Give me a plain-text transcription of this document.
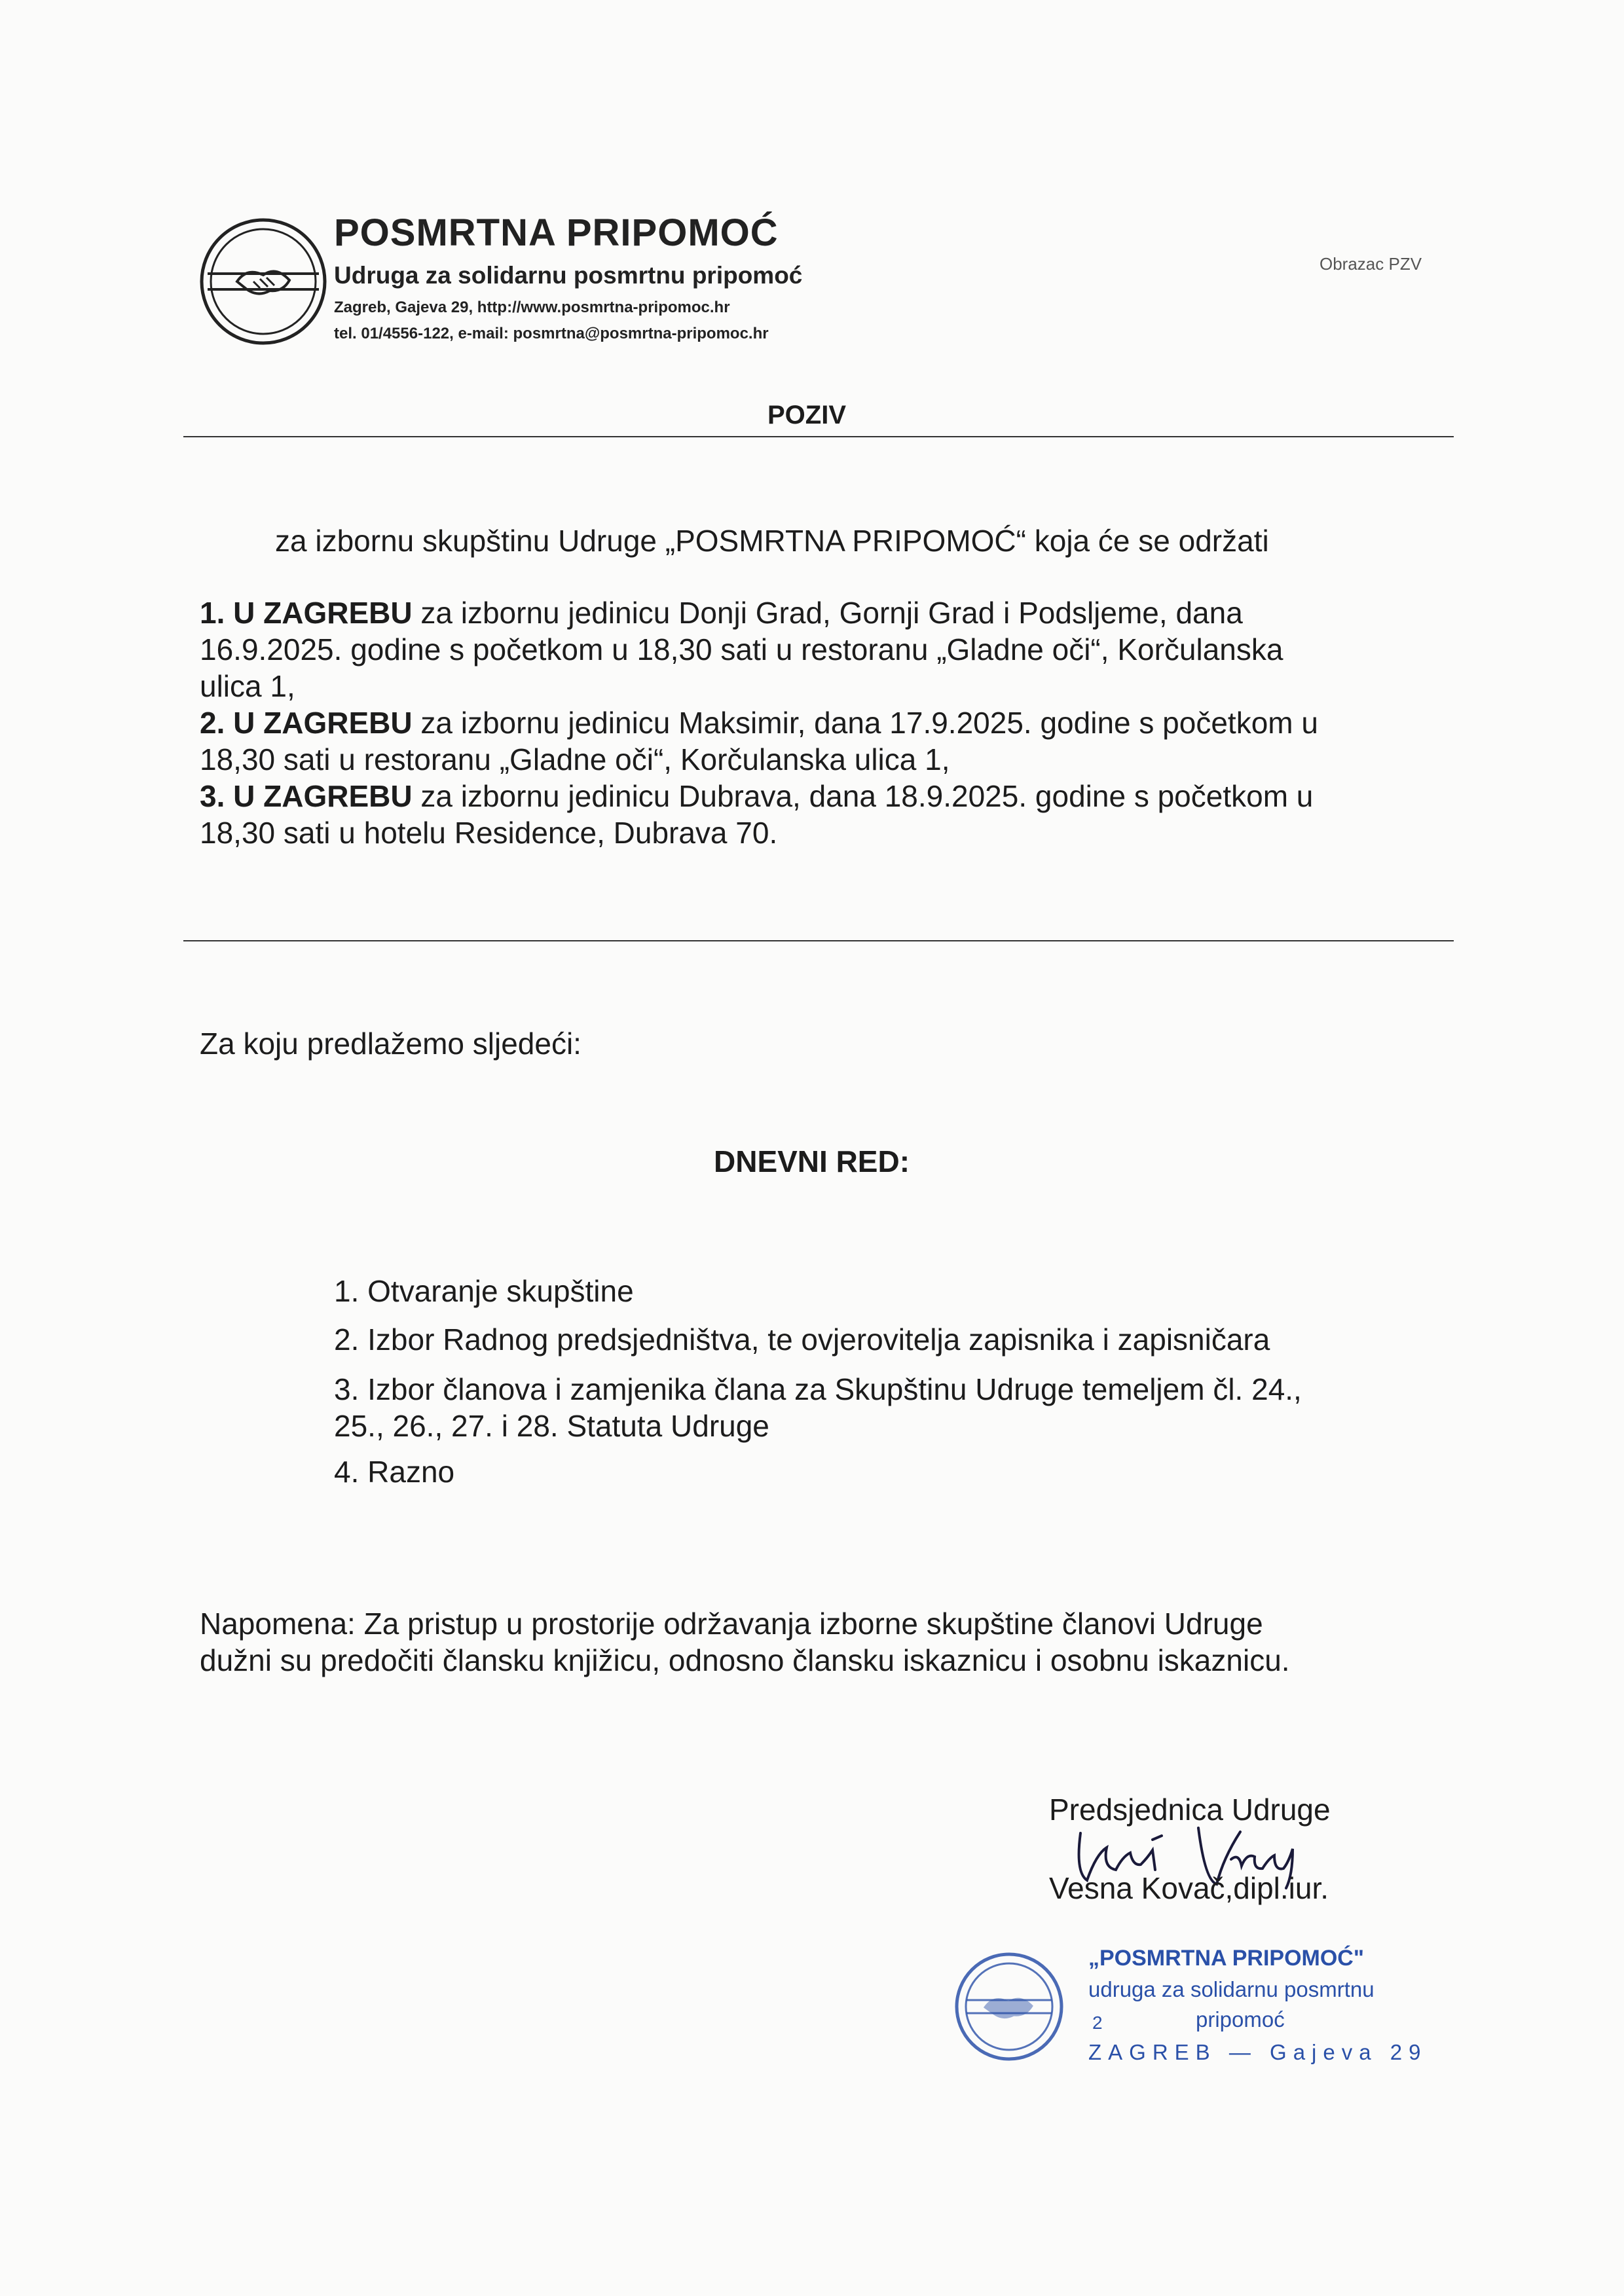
POSMRTNA PRIPOMOĆ
Udruga za solidarnu posmrtnu pripomoć
Zagreb, Gajeva 29, http://www.posmrtna-pripomoc.hr
tel. 01/4556-122, e-mail: posmrtna@posmrtna-pripomoc.hr
Obrazac PZV
POZIV
za izbornu skupštinu Udruge „POSMRTNA PRIPOMOĆ“ koja će se održati
1. U ZAGREBU za izbornu jedinicu Donji Grad, Gornji Grad i Podsljeme, dana
16.9.2025. godine s početkom u 18,30 sati u restoranu „Gladne oči“, Korčulanska
ulica 1,
2. U ZAGREBU za izbornu jedinicu Maksimir, dana 17.9.2025. godine s početkom u
18,30 sati u restoranu „Gladne oči“, Korčulanska ulica 1,
3. U ZAGREBU za izbornu jedinicu Dubrava, dana 18.9.2025. godine s početkom u
18,30 sati u hotelu Residence, Dubrava 70.
Za koju predlažemo sljedeći:
DNEVNI RED:
1. Otvaranje skupštine
2. Izbor Radnog predsjedništva, te ovjerovitelja zapisnika i zapisničara
3. Izbor članova i zamjenika člana za Skupštinu Udruge temeljem čl. 24.,
25., 26., 27. i 28. Statuta Udruge
4. Razno
Napomena: Za pristup u prostorije održavanja izborne skupštine članovi Udruge
dužni su predočiti člansku knjižicu, odnosno člansku iskaznicu i osobnu iskaznicu.
Predsjednica Udruge
Vesna Kovač,dipl.iur.
„POSMRTNA PRIPOMOĆ"
udruga za solidarnu posmrtnu
2	pripomoć
ZAGREB — Gajeva 29
